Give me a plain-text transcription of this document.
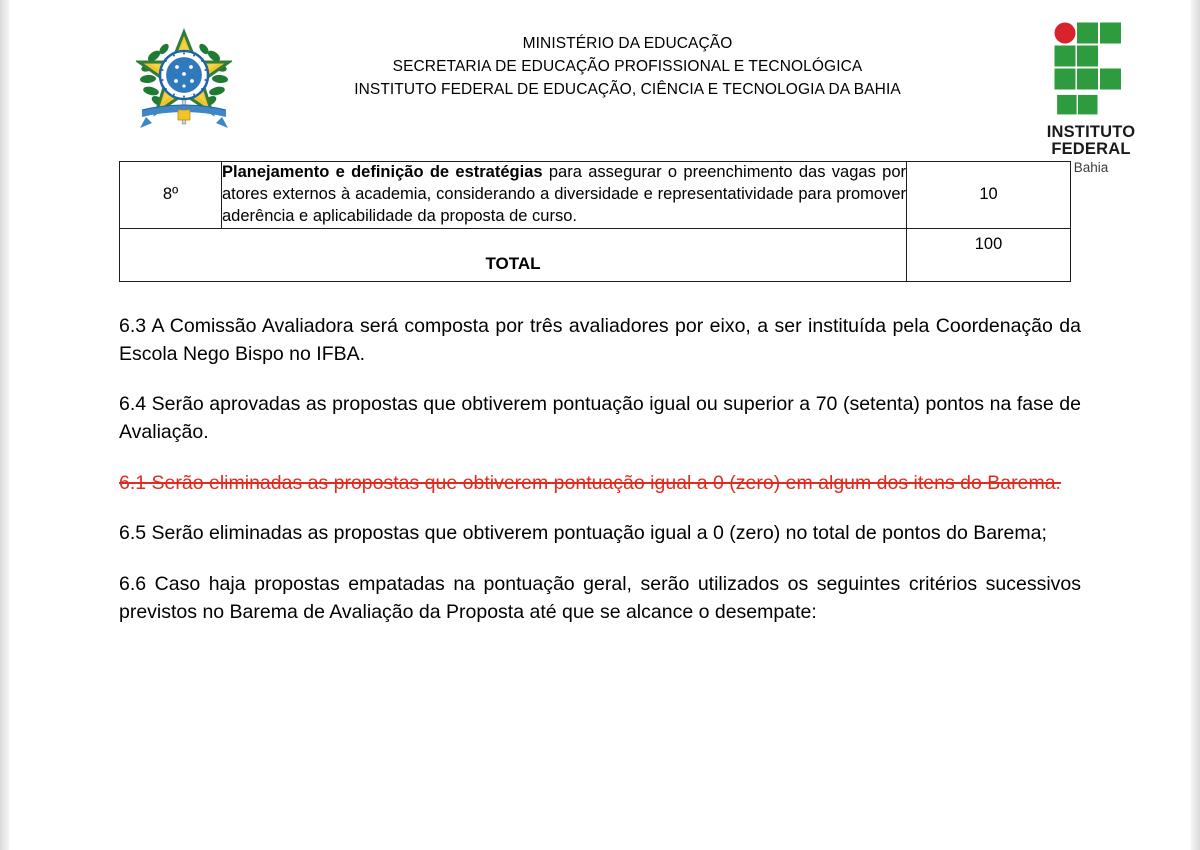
MINISTÉRIO DA EDUCAÇÃO
SECRETARIA DE EDUCAÇÃO PROFISSIONAL E TECNOLÓGICA
INSTITUTO FEDERAL DE EDUCAÇÃO, CIÊNCIA E TECNOLOGIA DA BAHIA
INSTITUTO
FEDERAL
Bahia
8º	Planejamento e definição de estratégias para assegurar o preenchimento das vagas por atores externos à academia, considerando a diversidade e representatividade para promover aderência e aplicabilidade da proposta de curso.	10
TOTAL		100

6.3 A Comissão Avaliadora será composta por três avaliadores por eixo, a ser instituída pela Coordenação da Escola Nego Bispo no IFBA.

6.4 Serão aprovadas as propostas que obtiverem pontuação igual ou superior a 70 (setenta) pontos na fase de Avaliação.

6.1 Serão eliminadas as propostas que obtiverem pontuação igual a 0 (zero) em algum dos itens do Barema.

6.5 Serão eliminadas as propostas que obtiverem pontuação igual a 0 (zero) no total de pontos do Barema;

6.6 Caso haja propostas empatadas na pontuação geral, serão utilizados os seguintes critérios sucessivos previstos no Barema de Avaliação da Proposta até que se alcance o desempate:
